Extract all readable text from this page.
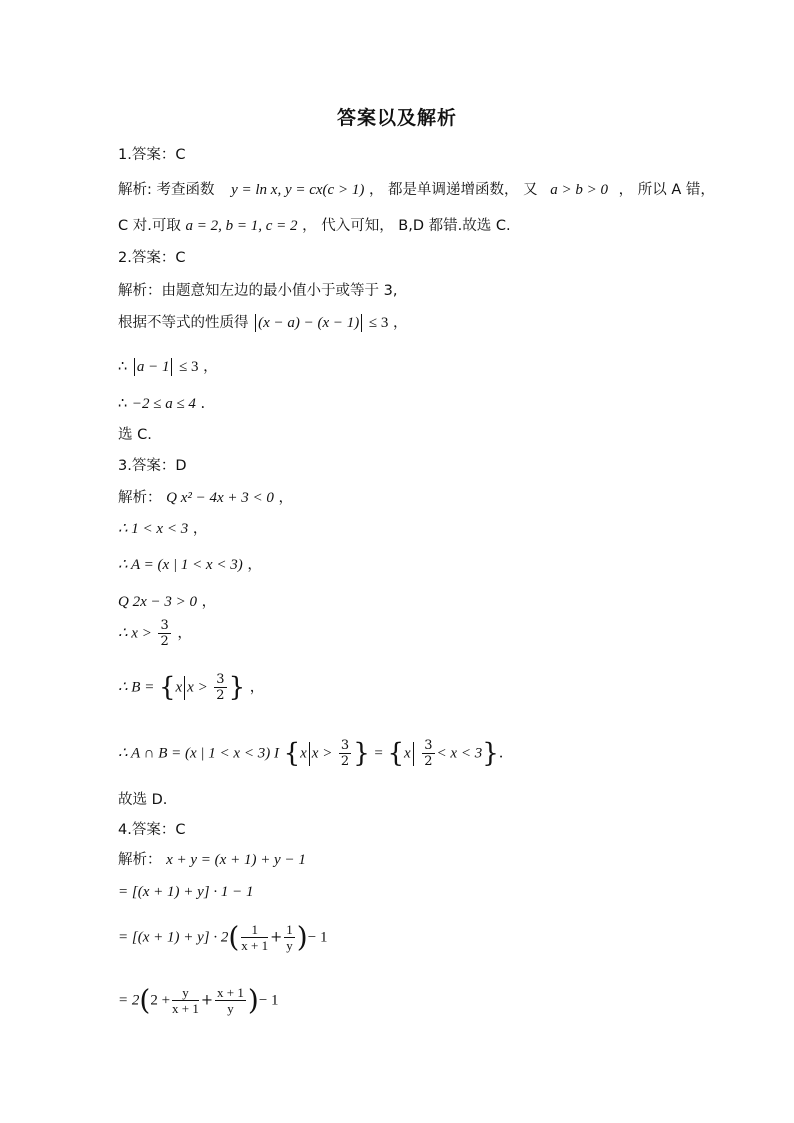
答案以及解析
1.答案：C
解析: 考查函数 y = ln x, y = cx(c > 1) ， 都是单调递增函数， 又 a > b > 0 ， 所以 A 错，
C 对.可取 a = 2, b = 1, c = 2 ， 代入可知， B,D 都错.故选 C.
2.答案：C
解析：由题意知左边的最小值小于或等于 3,
根据不等式的性质得 (x − a) − (x − 1) ≤ 3 ，
∴ a − 1 ≤ 3 ，
∴ −2 ≤ a ≤ 4 .
选 C.
3.答案：D
解析： Q x² − 4x + 3 < 0 ，
∴ 1 < x < 3 ，
∴ A = (x | 1 < x < 3) ，
Q 2x − 3 > 0 ，
∴ $x > \frac{3}{2}$ ，
∴ B = {x $x > \frac{3}{2}$ } ，
∴ A ∩ B = (x | 1 < x < 3) I {x $x > \frac{3}{2}$ } = $\{x \frac{3}{2} < x < 3\}$.
故选 D.
4.答案：C
解析： x + y = (x + 1) + y − 1
= [(x + 1) + y] · 1 − 1
= $[(x + 1) + y] \cdot 2( \frac{1}{x + 1} + \frac{1}{y}$ )− 1
= $2(2 + \frac{y}{x + 1} + \frac{x + 1}{y}$ )− 1
